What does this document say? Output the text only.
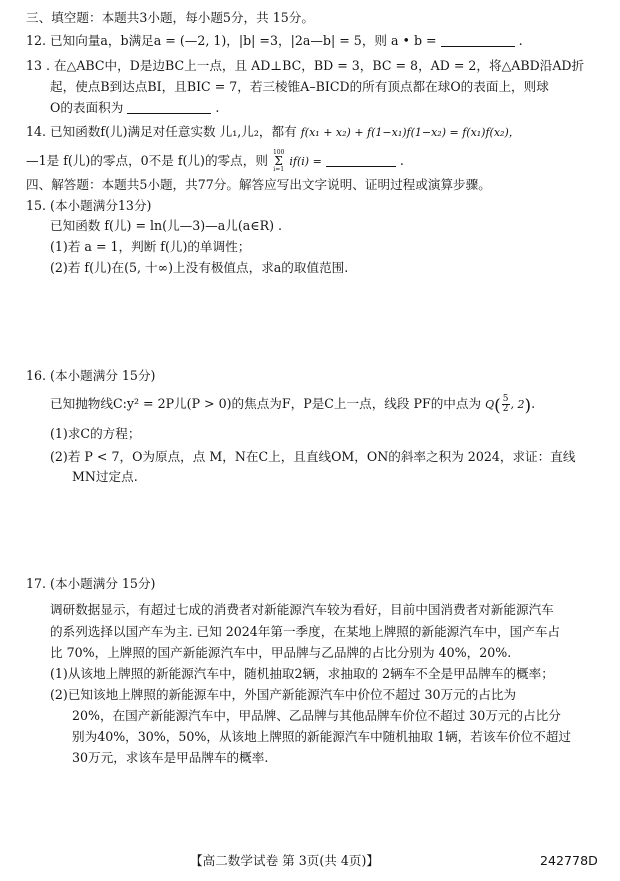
三、填空题：本题共3小题，每小题5分，共 15分。
12. 已知向量a，b满足a = (—2, 1)，|b| =3，|2a—b| = 5，则 a • b =	.
13 . 在△ABC中，D是边BC上一点，且 AD⊥BC，BD = 3，BC = 8，AD = 2，将△ABD沿AD折
起，使点B到达点BI，且BIC = 7，若三棱锥A–BICD的所有顶点都在球O的表面上，则球
O的表面积为	.
14. 已知函数f(儿)满足对任意实数 儿₁,儿₂，都有 f(x₁ + x₂) + f(1−x₁)f(1−x₂) = f(x₁)f(x₂)，
—1是 f(儿)的零点，0不是 f(儿)的零点，则
100
Σ
i=1
if(i) =	.
四、解答题：本题共5小题，共77分。解答应写出文字说明、证明过程或演算步骤。
15. (本小题满分13分)
已知函数 f(儿) = ln(儿—3)—a儿(a∈R) .
(1)若 a = 1，判断 f(儿)的单调性；
(2)若 f(儿)在(5, 十∞)上没有极值点，求a的取值范围.
16. (本小题满分 15分)
已知抛物线C:y² = 2P儿(P > 0)的焦点为F，P是C上一点，线段 PF的中点为 $Q( \frac{5}{2}$ , 2).
(1)求C的方程；
(2)若 P < 7，O为原点，点 M，N在C上，且直线OM，ON的斜率之积为 2024，求证：直线
MN过定点.
17. (本小题满分 15分)
调研数据显示，有超过七成的消费者对新能源汽车较为看好，目前中国消费者对新能源汽车
的系列选择以国产车为主. 已知 2024年第一季度，在某地上牌照的新能源汽车中，国产车占
比 70%，上牌照的国产新能源汽车中，甲品牌与乙品牌的占比分别为 40%，20%.
(1)从该地上牌照的新能源汽车中，随机抽取2辆，求抽取的 2辆车不全是甲品牌车的概率；
(2)已知该地上牌照的新能源车中，外国产新能源汽车中价位不超过 30万元的占比为
20%，在国产新能源汽车中，甲品牌、乙品牌与其他品牌车价位不超过 30万元的占比分
别为40%，30%，50%，从该地上牌照的新能源汽车中随机抽取 1辆，若该车价位不超过
30万元，求该车是甲品牌车的概率.
【高二数学试卷 第 3页(共 4页)】	242778D
